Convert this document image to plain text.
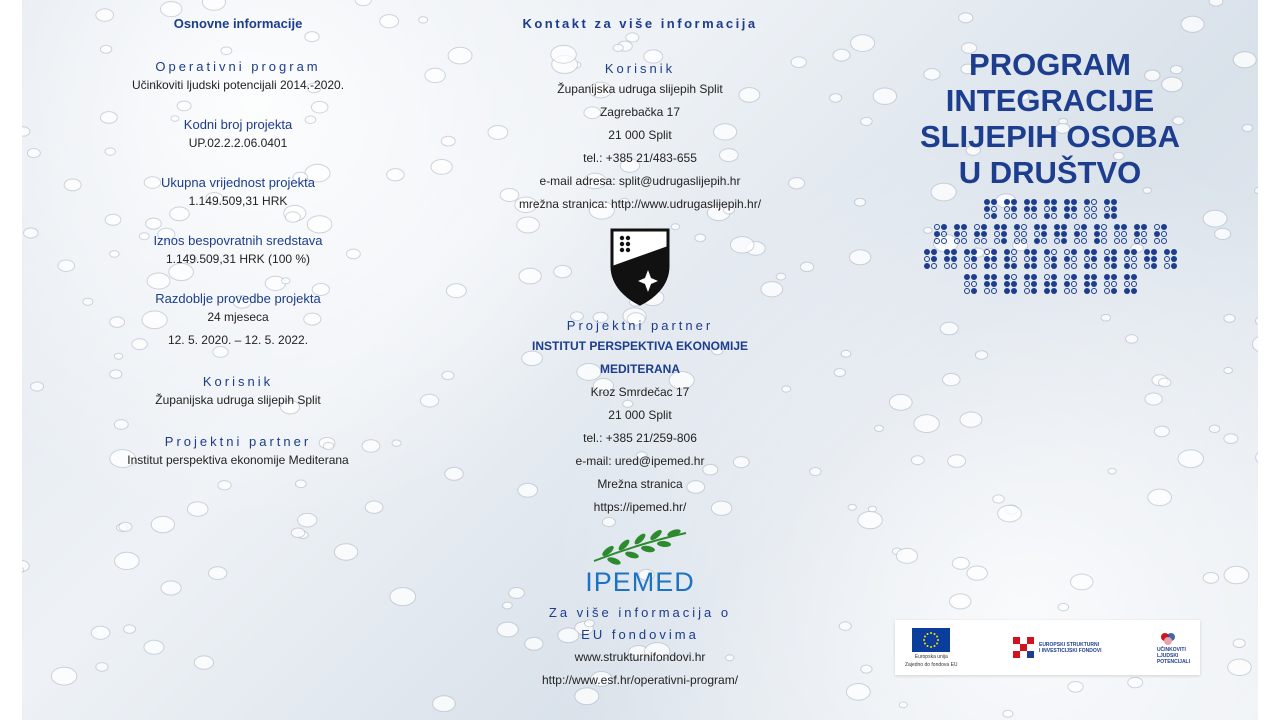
Osnovne informacije
Operativni program
Učinkoviti ljudski potencijali 2014.-2020.
Kodni broj projekta
UP.02.2.2.06.0401
Ukupna vrijednost projekta
1.149.509,31 HRK
Iznos bespovratnih sredstava
1.149.509,31 HRK (100 %)
Razdoblje provedbe projekta
24 mjeseca
12. 5. 2020. – 12. 5. 2022.
Korisnik
Županijska udruga slijepih Split
Projektni partner
Institut perspektiva ekonomije Mediterana
Kontakt za više informacija
Korisnik
Županijska udruga slijepih Split
Zagrebačka 17
21 000 Split
tel.: +385 21/483-655
e-mail adresa: split@udrugaslijepih.hr
mrežna stranica: http://www.udrugaslijepih.hr/
Projektni partner
INSTITUT PERSPEKTIVA EKONOMIJE
MEDITERANA
Kroz Smrdečac 17
21 000 Split
tel.: +385 21/259-806
e-mail: ured@ipemed.hr
Mrežna stranica
https://ipemed.hr/
IPEMED
Za više informacija o
EU fondovima
www.strukturnifondovi.hr
http://www.esf.hr/operativni-program/
PROGRAM
INTEGRACIJE
SLIJEPIH OSOBA
U DRUŠTVO
Europska unija
Zajedno do fondova EU
EUROPSKI STRUKTURNI
I INVESTICIJSKI FONDOVI	UČINKOVITI
LJUDSKI
POTENCIJALI
